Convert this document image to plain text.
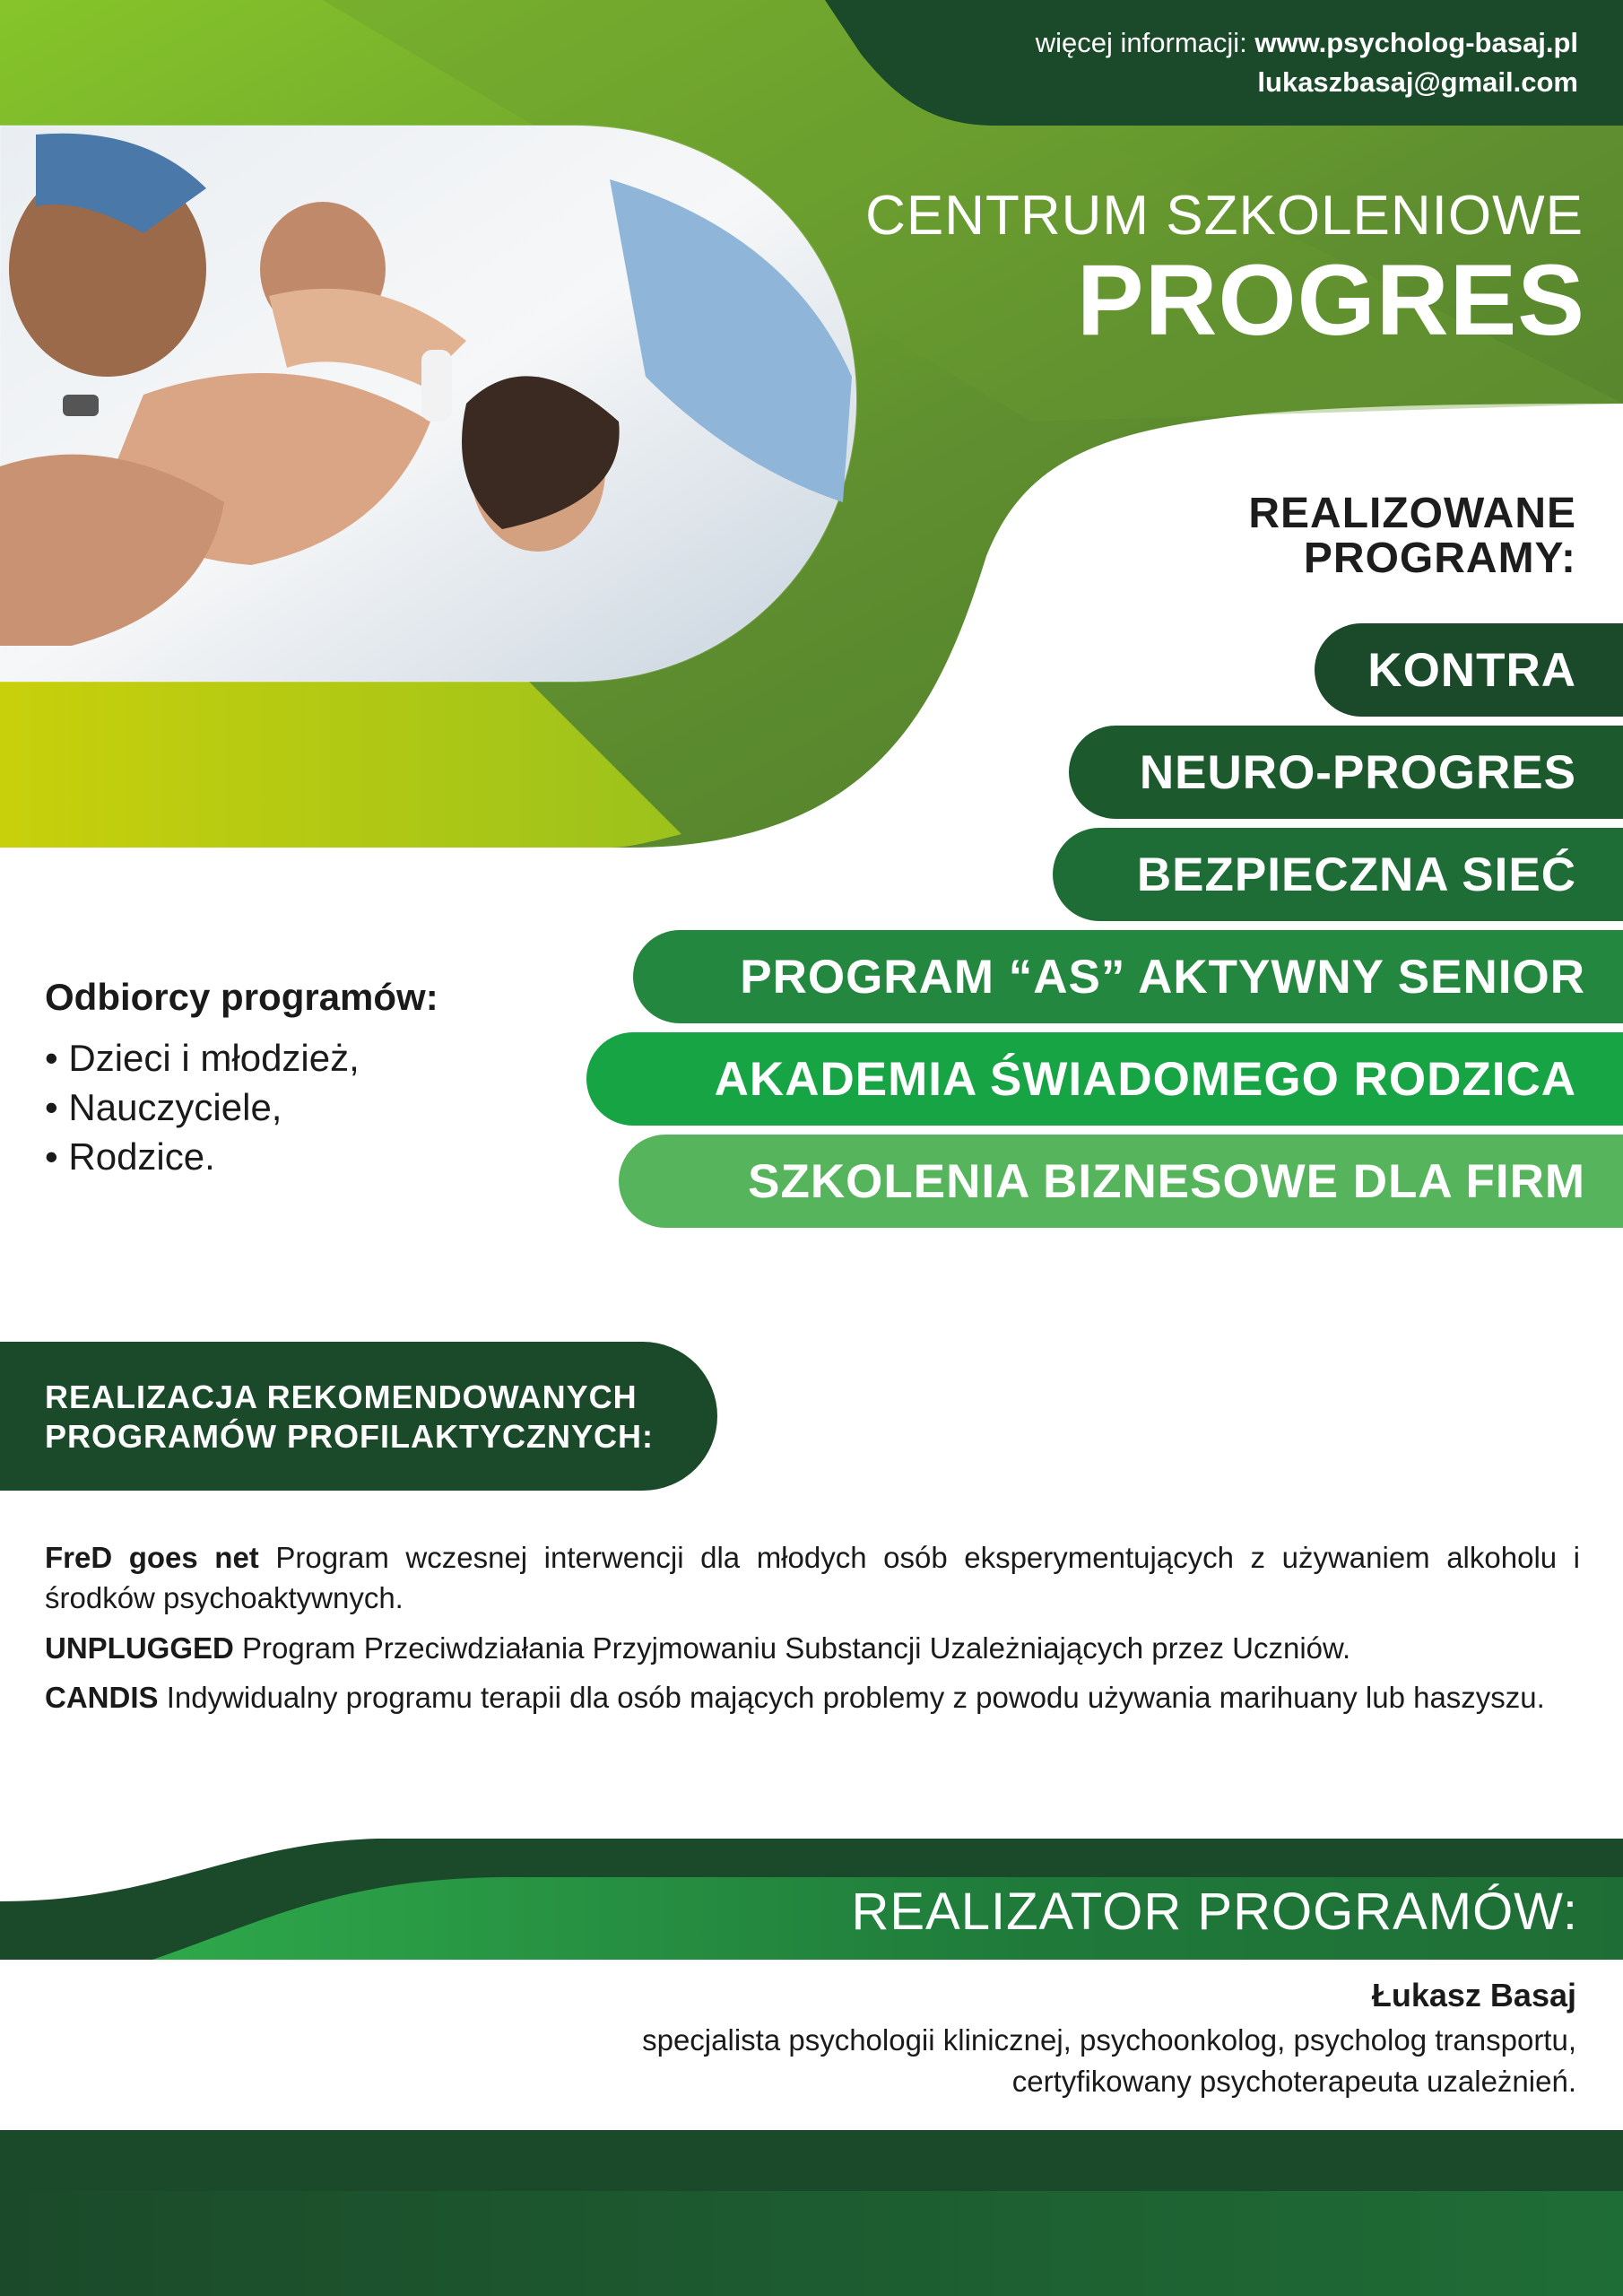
więcej informacji: www.psycholog-basaj.pl
lukaszbasaj@gmail.com
CENTRUM SZKOLENIOWE
PROGRES
REALIZOWANE
PROGRAMY:
KONTRA
NEURO-PROGRES
BEZPIECZNA SIEĆ
PROGRAM “AS” AKTYWNY SENIOR
AKADEMIA ŚWIADOMEGO RODZICA
SZKOLENIA BIZNESOWE DLA FIRM
Odbiorcy programów:
• Dzieci i młodzież,
• Nauczyciele,
• Rodzice.
REALIZACJA REKOMENDOWANYCH
PROGRAMÓW PROFILAKTYCZNYCH:
FreD goes net Program wczesnej interwencji dla młodych osób eksperymentujących z używaniem alkoholu i środków psychoaktywnych.
UNPLUGGED Program Przeciwdziałania Przyjmowaniu Substancji Uzależniających przez Uczniów.
CANDIS Indywidualny programu terapii dla osób mających problemy z powodu używania marihuany lub haszyszu.
REALIZATOR PROGRAMÓW:
Łukasz Basaj
specjalista psychologii klinicznej, psychoonkolog, psycholog transportu,
certyfikowany psychoterapeuta uzależnień.
